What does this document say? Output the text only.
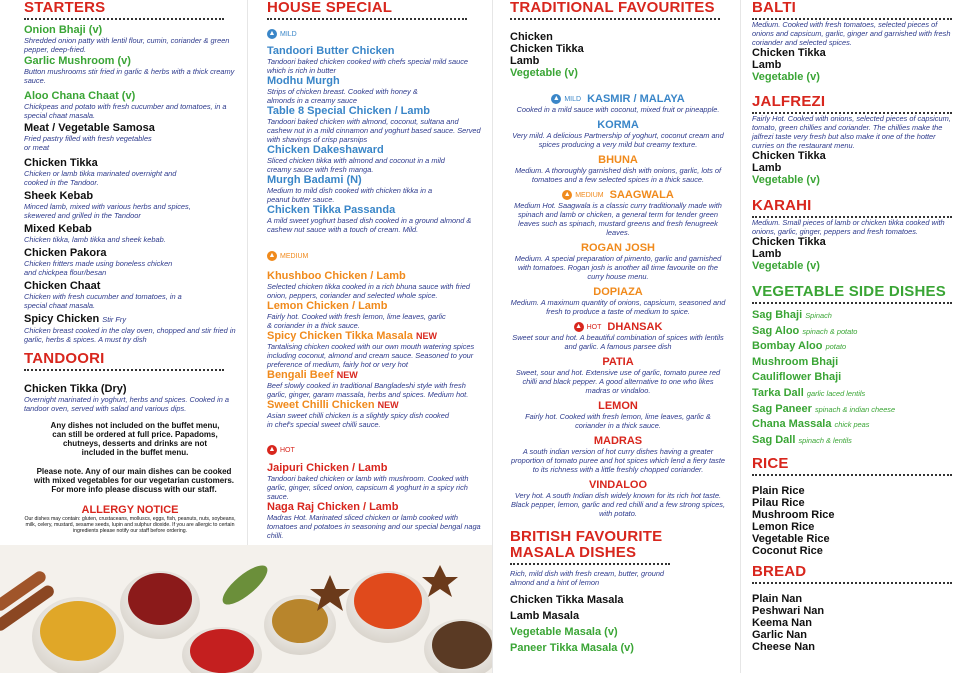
STARTERS

Onion Bhaji (v)

Shredded onion patty with lentil flour, cumin, coriander & green pepper, deep-fried.

Garlic Mushroom (v)

Button mushrooms stir fried in garlic & herbs with a thick creamy sauce.

Aloo Chana Chaat (v)

Chickpeas and potato with fresh cucumber and tomatoes, in a special chaat masala.

Meat / Vegetable Samosa

Fried pastry filled with fresh vegetables or meat

Chicken Tikka

Chicken or lamb tikka marinated overnight and cooked in the Tandoor.

Sheek Kebab

Minced lamb, mixed with various herbs and spices, skewered and grilled in the Tandoor

Mixed Kebab

Chicken tikka, lamb tikka and sheek kebab.

Chicken Pakora

Chicken fritters made using boneless chicken and chickpea flour/besan

Chicken Chaat

Chicken with fresh cucumber and tomatoes, in a special chaat masala.

Spicy Chicken Stir Fry

Chicken breast cooked in the clay oven, chopped and stir fried in garlic, herbs & spices. A must try dish

TANDOORI

Chicken Tikka (Dry)

Overnight marinated in yoghurt, herbs and spices. Cooked in a tandoor oven, served with salad and various dips.

Any dishes not included on the buffet menu, can still be ordered at full price. Papadoms, chutneys, desserts and drinks are not included in the buffet menu.

Please note. Any of our main dishes can be cooked with mixed vegetables for our vegetarian customers. For more info please discuss with our staff.

ALLERGY NOTICE

Our dishes may contain: gluten, crustaceans, molluscs, eggs, fish, peanuts, nuts, soybeans, milk, celery, mustard, sesame seeds, lupin and sulphur dioxide. If you are allergic to certain ingredients please notify our staff before ordering.

HOUSE SPECIAL
▲ MILD

Tandoori Butter Chicken

Tandoori baked chicken cooked with chefs special mild sauce which is rich in butter

Modhu Murgh

Strips of chicken breast. Cooked with honey & almonds in a creamy sauce

Table 8 Special Chicken / Lamb

Tandoori baked chicken with almond, coconut, sultana and cashew nut in a mild cinnamon and yoghurt based sauce. Served with shavings of crisp parsnips

Chicken Dakeshaward

Sliced chicken tikka with almond and coconut in a mild creamy sauce with fresh manga.

Murgh Badami (N)

Medium to mild dish cooked with chicken tikka in a peanut butter sauce.

Chicken Tikka Passanda

A mild sweet yoghurt based dish cooked in a ground almond & cashew nut sauce with a touch of cream. Mild.

▲ MEDIUM

Khushboo Chicken / Lamb

Selected chicken tikka cooked in a rich bhuna sauce with fried onion, peppers, coriander and selected whole spice.

Lemon Chicken / Lamb

Fairly hot. Cooked with fresh lemon, lime leaves, garlic & coriander in a thick sauce.

Spicy Chicken Tikka Masala NEW

Tantalising chicken cooked with our own mouth watering spices including coconut, almond and cream sauce. Seasoned to your preference of medium, fairly hot or very hot

Bengali Beef NEW

Beef slowly cooked in traditional Bangladeshi style with fresh garlic, ginger, garam massala, herbs and spices. Medium hot.

Sweet Chilli Chicken NEW

Asian sweet chilli chicken is a slightly spicy dish cooked in chef's special sweet chilli sauce.

▲ HOT

Jaipuri Chicken / Lamb

Tandoori baked chicken or lamb with mushroom. Cooked with garlic, ginger, sliced onion, capsicum & yoghurt in a spicy rich sauce.

Naga Raj Chicken / Lamb

Madras Hot. Marinated sliced chicken or lamb cooked with tomatoes and potatoes in seasoning and our special bengal naga chilli.

TRADITIONAL FAVOURITES

Chicken

Chicken Tikka

Lamb

Vegetable (v)

▲ MILD KASMIR / MALAYA

Cooked in a mild sauce with coconut, mixed fruit or pineapple.

KORMA

Very mild. A delicious Partnership of yoghurt, coconut cream and spices producing a very mild but creamy texture.

BHUNA

Medium. A thoroughly garnished dish with onions, garlic, lots of tomatoes and a few selected spices in a thick sauce.

▲ MEDIUM SAAGWALA

Medium Hot. Saagwala is a classic curry traditionally made with spinach and lamb or chicken, a general term for tender green leaves such as spinach, mustard greens and fresh fenugreek leaves.

ROGAN JOSH

Medium. A special preparation of pimento, garlic and garnished with tomatoes. Rogan josh is another all time favourite on the curry house menu.

DOPIAZA

Medium. A maximum quantity of onions, capsicum, seasoned and fresh to produce a taste of medium to spice.

▲ HOT DHANSAK

Sweet sour and hot. A beautiful combination of spices with lentils and garlic. A famous parsee dish

PATIA

Sweet, sour and hot. Extensive use of garlic, tomato puree red chilli and black pepper. A good alternative to one who likes madras or vindaloo.

LEMON

Fairly hot. Cooked with fresh lemon, lime leaves, garlic & coriander in a thick sauce.

MADRAS

A south indian version of hot curry dishes having a greater proportion of tomato puree and hot spices which lend a fiery taste to its richness with a little freshly chopped coriander.

VINDALOO

Very hot. A south Indian dish widely known for its rich hot taste. Black pepper, lemon, garlic and red chilli and a few strong spices, with potato.

BRITISH FAVOURITE
MASALA DISHES

Rich, mild dish with fresh cream, butter, ground almond and a hint of lemon

Chicken Tikka Masala

Lamb Masala

Vegetable Masala (v)

Paneer Tikka Masala (v)

BALTI

Medium. Cooked with fresh tomatoes, selected pieces of onions and capsicum, garlic, ginger and garnished with fresh coriander and selected spices.

Chicken Tikka

Lamb

Vegetable (v)

JALFREZI

Fairly Hot. Cooked with onions, selected pieces of capsicum, tomato, green chillies and coriander. The chillies make the jalfrezi taste very fresh but also make it one of the hotter curries on the restaurant menu.

Chicken Tikka

Lamb

Vegetable (v)

KARAHI

Medium. Small pieces of lamb or chicken tikka cooked with onions, garlic, ginger, peppers and fresh tomatoes.

Chicken Tikka

Lamb

Vegetable (v)

VEGETABLE SIDE DISHES

Sag Bhaji Spinach

Sag Aloo spinach & potato

Bombay Aloo potato

Mushroom Bhaji

Cauliflower Bhaji

Tarka Dall garlic laced lentils

Sag Paneer spinach & indian cheese

Chana Massala chick peas

Sag Dall spinach & lentils

RICE

Plain Rice

Pilau Rice

Mushroom Rice

Lemon Rice

Vegetable Rice

Coconut Rice

BREAD

Plain Nan

Peshwari Nan

Keema Nan

Garlic Nan

Cheese Nan
